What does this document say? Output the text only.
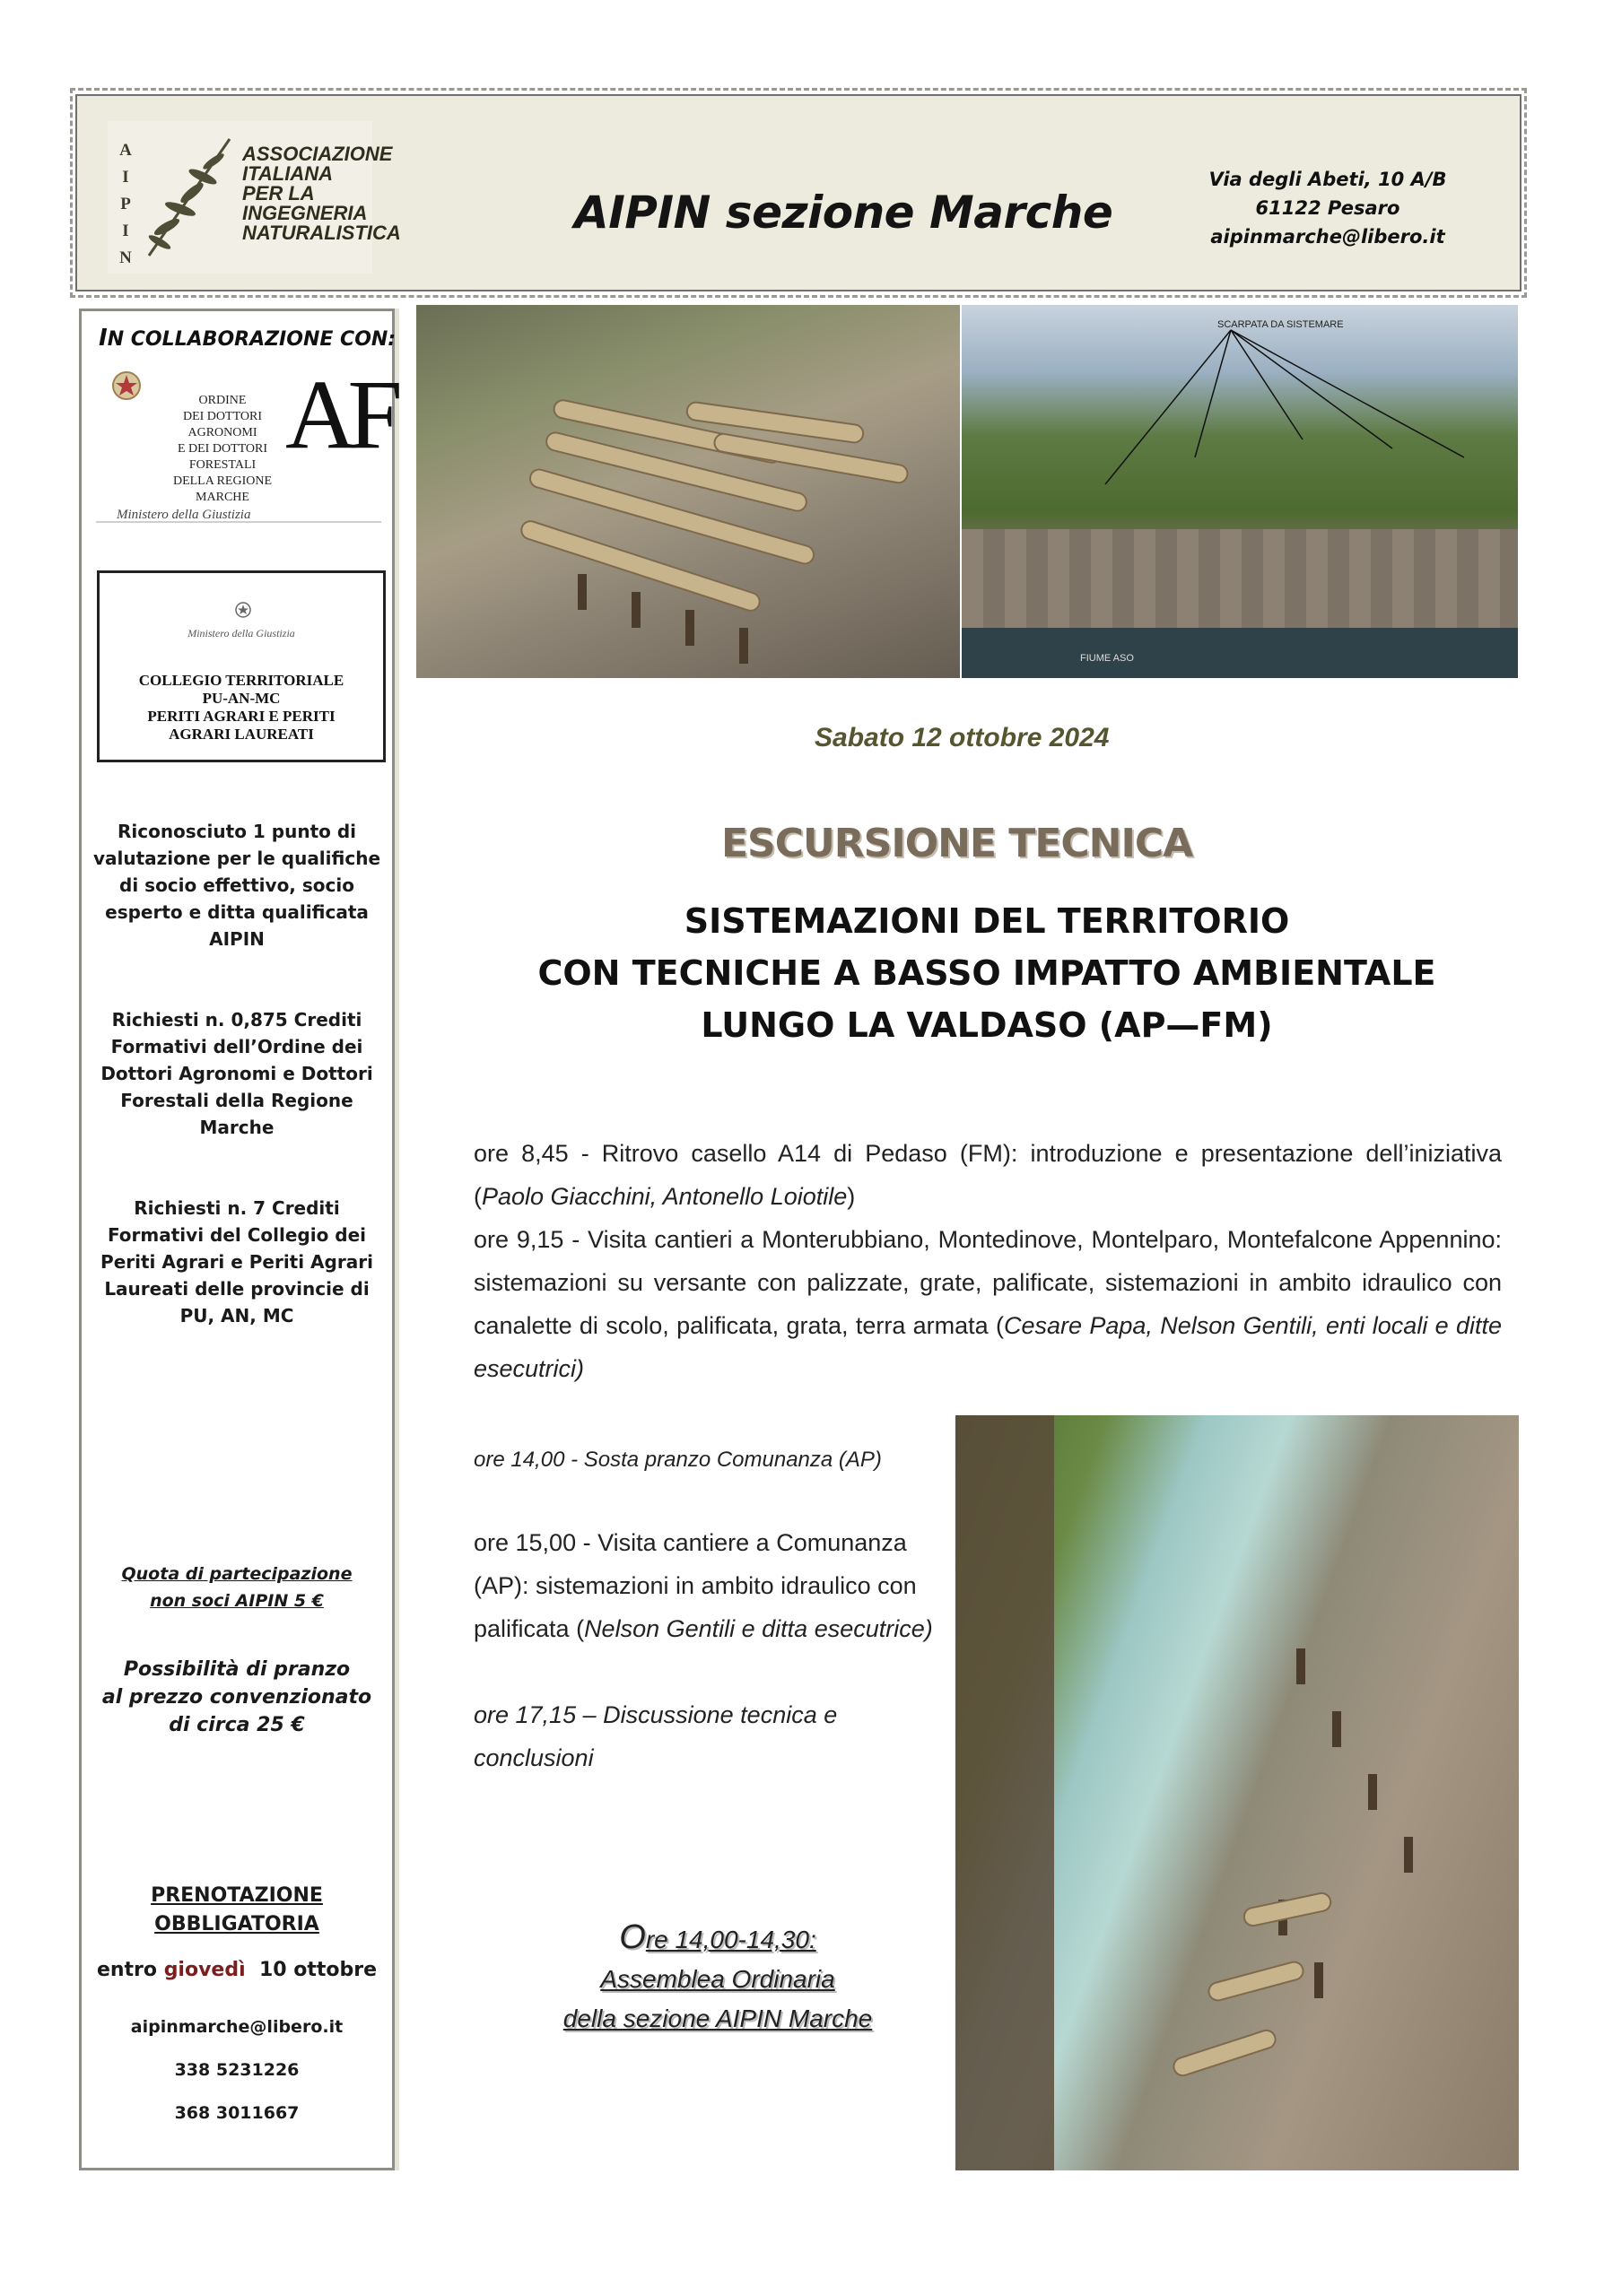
A
I
P
I
N
ASSOCIAZIONE
ITALIANA
PER LA
INGEGNERIA
NATURALISTICA	AIPIN sezione Marche
Via degli Abeti, 10 A/B
61122 Pesaro
aipinmarche@libero.it
IN COLLABORAZIONE CON:
ORDINE
DEI DOTTORI AGRONOMI
E DEI DOTTORI FORESTALI
DELLA REGIONE
MARCHE
AF
Ministero della Giustizia
Ministero della Giustizia
COLLEGIO TERRITORIALE
PU-AN-MC
PERITI AGRARI E PERITI
AGRARI LAUREATI
Riconosciuto 1 punto di valutazione per le qualifiche di socio effettivo, socio esperto e ditta qualificata AIPIN
Richiesti n. 0,875 Crediti Formativi dell’Ordine dei Dottori Agronomi e Dottori Forestali della Regione Marche
Richiesti n. 7 Crediti Formativi del Collegio dei Periti Agrari e Periti Agrari Laureati delle provincie di PU, AN, MC
Quota di partecipazione
non soci AIPIN 5 €
Possibilità di pranzo
al prezzo convenzionato
di circa 25 €
PRENOTAZIONE
OBBLIGATORIA
entro giovedì 10 ottobre
aipinmarche@libero.it
338 5231226
368 3011667
SCARPATA DA SISTEMARE
FIUME ASO
Sabato 12 ottobre 2024
ESCURSIONE TECNICA
SISTEMAZIONI DEL TERRITORIO
CON TECNICHE A BASSO IMPATTO AMBIENTALE
LUNGO LA VALDASO (AP—FM)
ore 8,45 - Ritrovo casello A14 di Pedaso (FM): introduzione e presentazione dell’iniziativa (Paolo Giacchini, Antonello Loiotile)
ore 9,15 - Visita cantieri a Monterubbiano, Montedinove, Montelparo, Montefalcone Appennino: sistemazioni su versante con palizzate, grate, palificate, sistemazioni in ambito idraulico con canalette di scolo, palificata, grata, terra armata (Cesare Papa, Nelson Gentili, enti locali e ditte esecutrici)
ore 14,00 - Sosta pranzo Comunanza (AP)
ore 15,00 - Visita cantiere a Comunanza
(AP): sistemazioni in ambito idraulico con
palificata (Nelson Gentili e ditta esecutrice)
ore 17,15 – Discussione tecnica e
conclusioni
Ore 14,00-14,30:
Assemblea Ordinaria
della sezione AIPIN Marche
